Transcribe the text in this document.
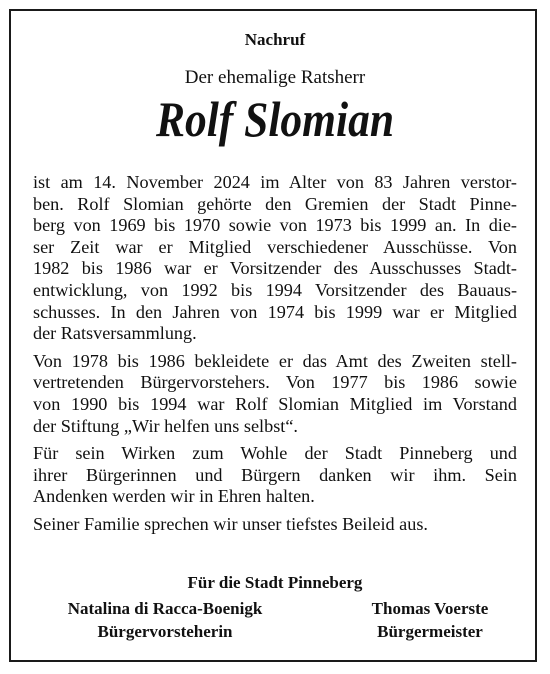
Nachruf
Der ehemalige Ratsherr
Rolf Slomian
ist am 14. November 2024 im Alter von 83 Jahren verstor-
ben. Rolf Slomian gehörte den Gremien der Stadt Pinne-
berg von 1969 bis 1970 sowie von 1973 bis 1999 an. In die-
ser Zeit war er Mitglied verschiedener Ausschüsse. Von
1982 bis 1986 war er Vorsitzender des Ausschusses Stadt-
entwicklung, von 1992 bis 1994 Vorsitzender des Bauaus-
schusses. In den Jahren von 1974 bis 1999 war er Mitglied
der Ratsversammlung.
Von 1978 bis 1986 bekleidete er das Amt des Zweiten stell-
vertretenden Bürgervorstehers. Von 1977 bis 1986 sowie
von 1990 bis 1994 war Rolf Slomian Mitglied im Vorstand
der Stiftung „Wir helfen uns selbst“.
Für sein Wirken zum Wohle der Stadt Pinneberg und
ihrer Bürgerinnen und Bürgern danken wir ihm. Sein
Andenken werden wir in Ehren halten.
Seiner Familie sprechen wir unser tiefstes Beileid aus.
Für die Stadt Pinneberg
Natalina di Racca-Boenigk
Bürgervorsteherin
Thomas Voerste
Bürgermeister
